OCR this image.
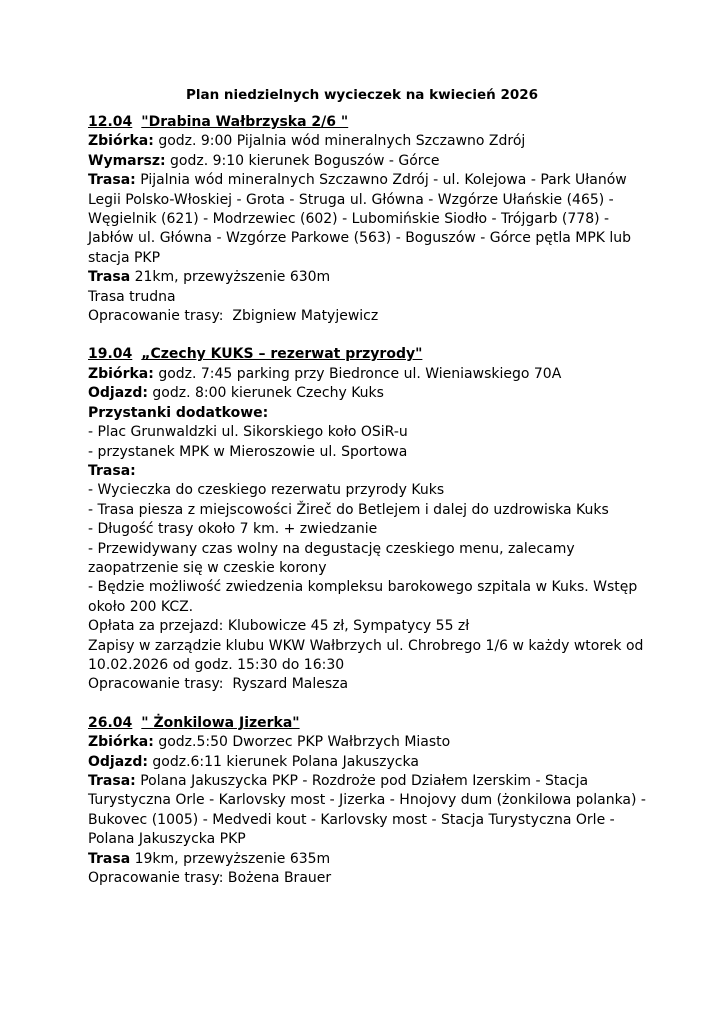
Plan niedzielnych wycieczek na kwiecień 2026
12.04 "Drabina Wałbrzyska 2/6 "

Zbiórka: godz. 9:00 Pijalnia wód mineralnych Szczawno Zdrój

Wymarsz: godz. 9:10 kierunek Boguszów - Górce

Trasa: Pijalnia wód mineralnych Szczawno Zdrój - ul. Kolejowa - Park Ułanów Legii Polsko-Włoskiej - Grota - Struga ul. Główna - Wzgórze Ułańskie (465) - Węgielnik (621) - Modrzewiec (602) - Lubomińskie Siodło - Trójgarb (778) - Jabłów ul. Główna - Wzgórze Parkowe (563) - Boguszów - Górce pętla MPK lub stacja PKP

Trasa 21km, przewyższenie 630m

Trasa trudna

Opracowanie trasy: Zbigniew Matyjewicz

19.04 „Czechy KUKS – rezerwat przyrody"

Zbiórka: godz. 7:45 parking przy Biedronce ul. Wieniawskiego 70A

Odjazd: godz. 8:00 kierunek Czechy Kuks

Przystanki dodatkowe:

- Plac Grunwaldzki ul. Sikorskiego koło OSiR-u

- przystanek MPK w Mieroszowie ul. Sportowa

Trasa:

- Wycieczka do czeskiego rezerwatu przyrody Kuks

- Trasa piesza z miejscowości Žireč do Betlejem i dalej do uzdrowiska Kuks

- Długość trasy około 7 km. + zwiedzanie

- Przewidywany czas wolny na degustację czeskiego menu, zalecamy zaopatrzenie się w czeskie korony

- Będzie możliwość zwiedzenia kompleksu barokowego szpitala w Kuks. Wstęp około 200 KCZ.

Opłata za przejazd: Klubowicze 45 zł, Sympatycy 55 zł

Zapisy w zarządzie klubu WKW Wałbrzych ul. Chrobrego 1/6 w każdy wtorek od 10.02.2026 od godz. 15:30 do 16:30

Opracowanie trasy: Ryszard Malesza

26.04 " Żonkilowa Jizerka"

Zbiórka: godz.5:50 Dworzec PKP Wałbrzych Miasto

Odjazd: godz.6:11 kierunek Polana Jakuszycka

Trasa: Polana Jakuszycka PKP - Rozdroże pod Działem Izerskim - Stacja Turystyczna Orle - Karlovsky most - Jizerka - Hnojovy dum (żonkilowa polanka) - Bukovec (1005) - Medvedi kout - Karlovsky most - Stacja Turystyczna Orle - Polana Jakuszycka PKP

Trasa 19km, przewyższenie 635m

Opracowanie trasy: Bożena Brauer
